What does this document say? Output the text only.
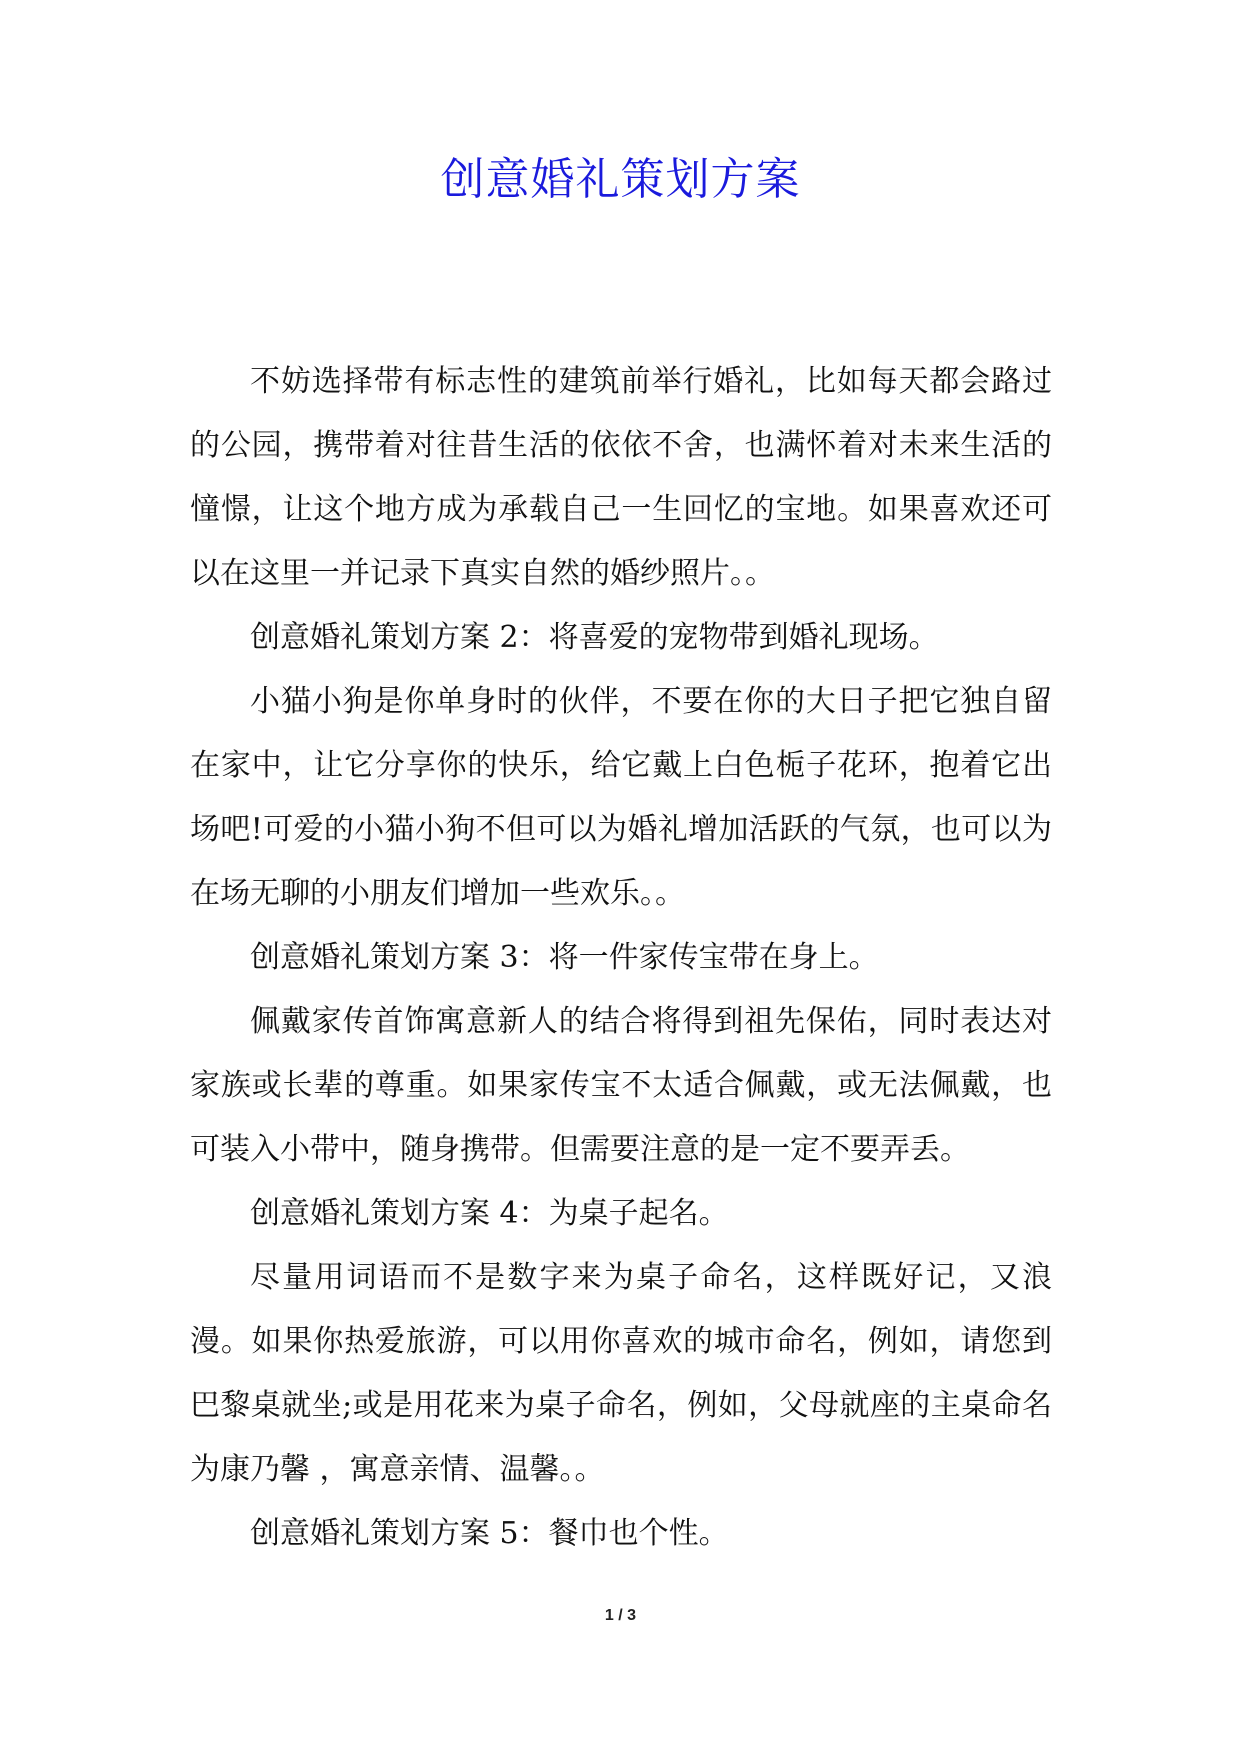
创意婚礼策划方案

不妨选择带有标志性的建筑前举行婚礼，比如每天都会路过的公园，携带着对往昔生活的依依不舍，也满怀着对未来生活的憧憬，让这个地方成为承载自己一生回忆的宝地。如果喜欢还可以在这里一并记录下真实自然的婚纱照片。。

创意婚礼策划方案 2：将喜爱的宠物带到婚礼现场。

小猫小狗是你单身时的伙伴，不要在你的大日子把它独自留在家中，让它分享你的快乐，给它戴上白色栀子花环，抱着它出场吧!可爱的小猫小狗不但可以为婚礼增加活跃的气氛，也可以为在场无聊的小朋友们增加一些欢乐。。

创意婚礼策划方案 3：将一件家传宝带在身上。

佩戴家传首饰寓意新人的结合将得到祖先保佑，同时表达对家族或长辈的尊重。如果家传宝不太适合佩戴，或无法佩戴，也可装入小带中，随身携带。但需要注意的是一定不要弄丢。

创意婚礼策划方案 4：为桌子起名。

尽量用词语而不是数字来为桌子命名，这样既好记，又浪漫。如果你热爱旅游，可以用你喜欢的城市命名，例如，请您到巴黎桌就坐;或是用花来为桌子命名，例如，父母就座的主桌命名为康乃馨 ，寓意亲情、温馨。。

创意婚礼策划方案 5：餐巾也个性。

1 / 3
